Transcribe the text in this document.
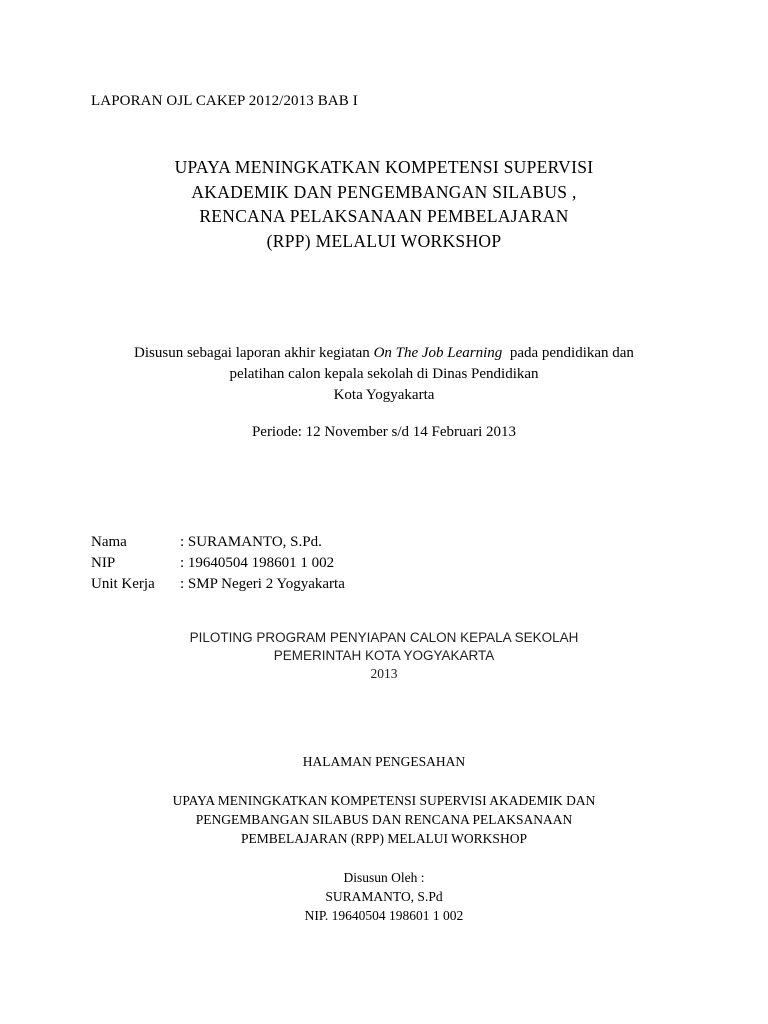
LAPORAN OJL CAKEP 2012/2013 BAB I
UPAYA MENINGKATKAN KOMPETENSI SUPERVISI
AKADEMIK DAN PENGEMBANGAN SILABUS ,
RENCANA PELAKSANAAN PEMBELAJARAN
(RPP) MELALUI WORKSHOP
Disusun sebagai laporan akhir kegiatan On The Job Learning  pada pendidikan dan
pelatihan calon kepala sekolah di Dinas Pendidikan
Kota Yogyakarta
Periode: 12 November s/d 14 Februari 2013
Nama	: SURAMANTO, S.Pd.
NIP	: 19640504 198601 1 002
Unit Kerja	: SMP Negeri 2 Yogyakarta
PILOTING PROGRAM PENYIAPAN CALON KEPALA SEKOLAH
PEMERINTAH KOTA YOGYAKARTA
2013
HALAMAN PENGESAHAN
UPAYA MENINGKATKAN KOMPETENSI SUPERVISI AKADEMIK DAN
PENGEMBANGAN SILABUS DAN RENCANA PELAKSANAAN
PEMBELAJARAN (RPP) MELALUI WORKSHOP
Disusun Oleh :
SURAMANTO, S.Pd
NIP. 19640504 198601 1 002
